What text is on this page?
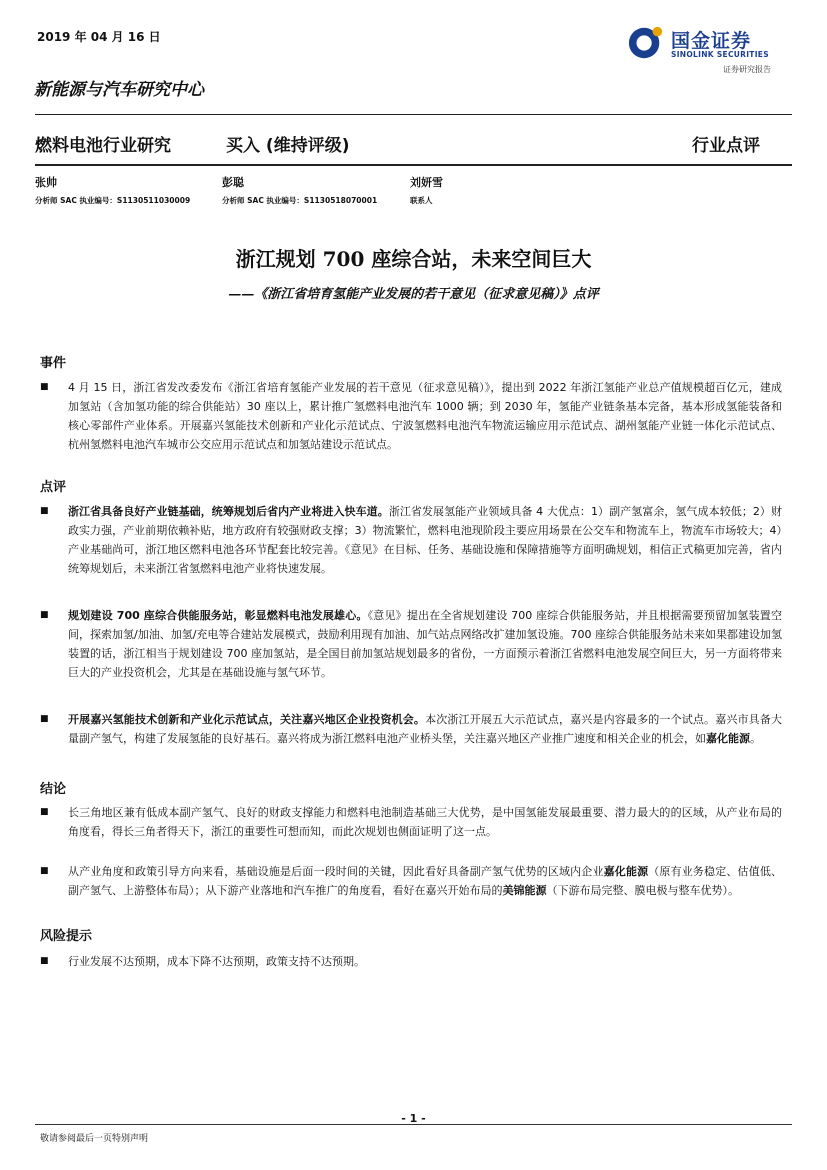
2019 年 04 月 16 日	国金证券
SINOLINK SECURITIES
证券研究报告
新能源与汽车研究中心
燃料电池行业研究	买入 (维持评级)	行业点评
张帅
分析师 SAC 执业编号：S1130511030009
彭聪
分析师 SAC 执业编号：S1130518070001
刘妍雪
联系人
浙江规划 700 座综合站，未来空间巨大
——《浙江省培育氢能产业发展的若干意见（征求意见稿）》点评
事件
■ 4 月 15 日，浙江省发改委发布《浙江省培育氢能产业发展的若干意见（征求意见稿）》，提出到 2022 年浙江氢能产业总产值规模超百亿元，建成加氢站（含加氢功能的综合供能站）30 座以上，累计推广氢燃料电池汽车 1000 辆；到 2030 年，氢能产业链条基本完备，基本形成氢能装备和核心零部件产业体系。开展嘉兴氢能技术创新和产业化示范试点、宁波氢燃料电池汽车物流运输应用示范试点、湖州氢能产业链一体化示范试点、杭州氢燃料电池汽车城市公交应用示范试点和加氢站建设示范试点。
点评
■ 浙江省具备良好产业链基础，统筹规划后省内产业将进入快车道。浙江省发展氢能产业领域具备 4 大优点：1）副产氢富余，氢气成本较低；2）财政实力强，产业前期依赖补贴，地方政府有较强财政支撑；3）物流繁忙，燃料电池现阶段主要应用场景在公交车和物流车上，物流车市场较大；4）产业基础尚可，浙江地区燃料电池各环节配套比较完善。《意见》在目标、任务、基础设施和保障措施等方面明确规划，相信正式稿更加完善，省内统筹规划后，未来浙江省氢燃料电池产业将快速发展。
■ 规划建设 700 座综合供能服务站，彰显燃料电池发展雄心。《意见》提出在全省规划建设 700 座综合供能服务站，并且根据需要预留加氢装置空间，探索加氢/加油、加氢/充电等合建站发展模式，鼓励利用现有加油、加气站点网络改扩建加氢设施。700 座综合供能服务站未来如果都建设加氢装置的话，浙江相当于规划建设 700 座加氢站，是全国目前加氢站规划最多的省份，一方面预示着浙江省燃料电池发展空间巨大，另一方面将带来巨大的产业投资机会，尤其是在基础设施与氢气环节。
■ 开展嘉兴氢能技术创新和产业化示范试点，关注嘉兴地区企业投资机会。本次浙江开展五大示范试点，嘉兴是内容最多的一个试点。嘉兴市具备大量副产氢气，构建了发展氢能的良好基石。嘉兴将成为浙江燃料电池产业桥头堡，关注嘉兴地区产业推广速度和相关企业的机会，如嘉化能源。
结论
■ 长三角地区兼有低成本副产氢气、良好的财政支撑能力和燃料电池制造基础三大优势，是中国氢能发展最重要、潜力最大的的区域，从产业布局的角度看，得长三角者得天下，浙江的重要性可想而知，而此次规划也侧面证明了这一点。
■ 从产业角度和政策引导方向来看，基础设施是后面一段时间的关键，因此看好具备副产氢气优势的区域内企业嘉化能源（原有业务稳定、估值低、副产氢气、上游整体布局）；从下游产业落地和汽车推广的角度看，看好在嘉兴开始布局的美锦能源（下游布局完整、膜电极与整车优势）。
风险提示
■ 行业发展不达预期，成本下降不达预期，政策支持不达预期。
- 1 -
敬请参阅最后一页特别声明
